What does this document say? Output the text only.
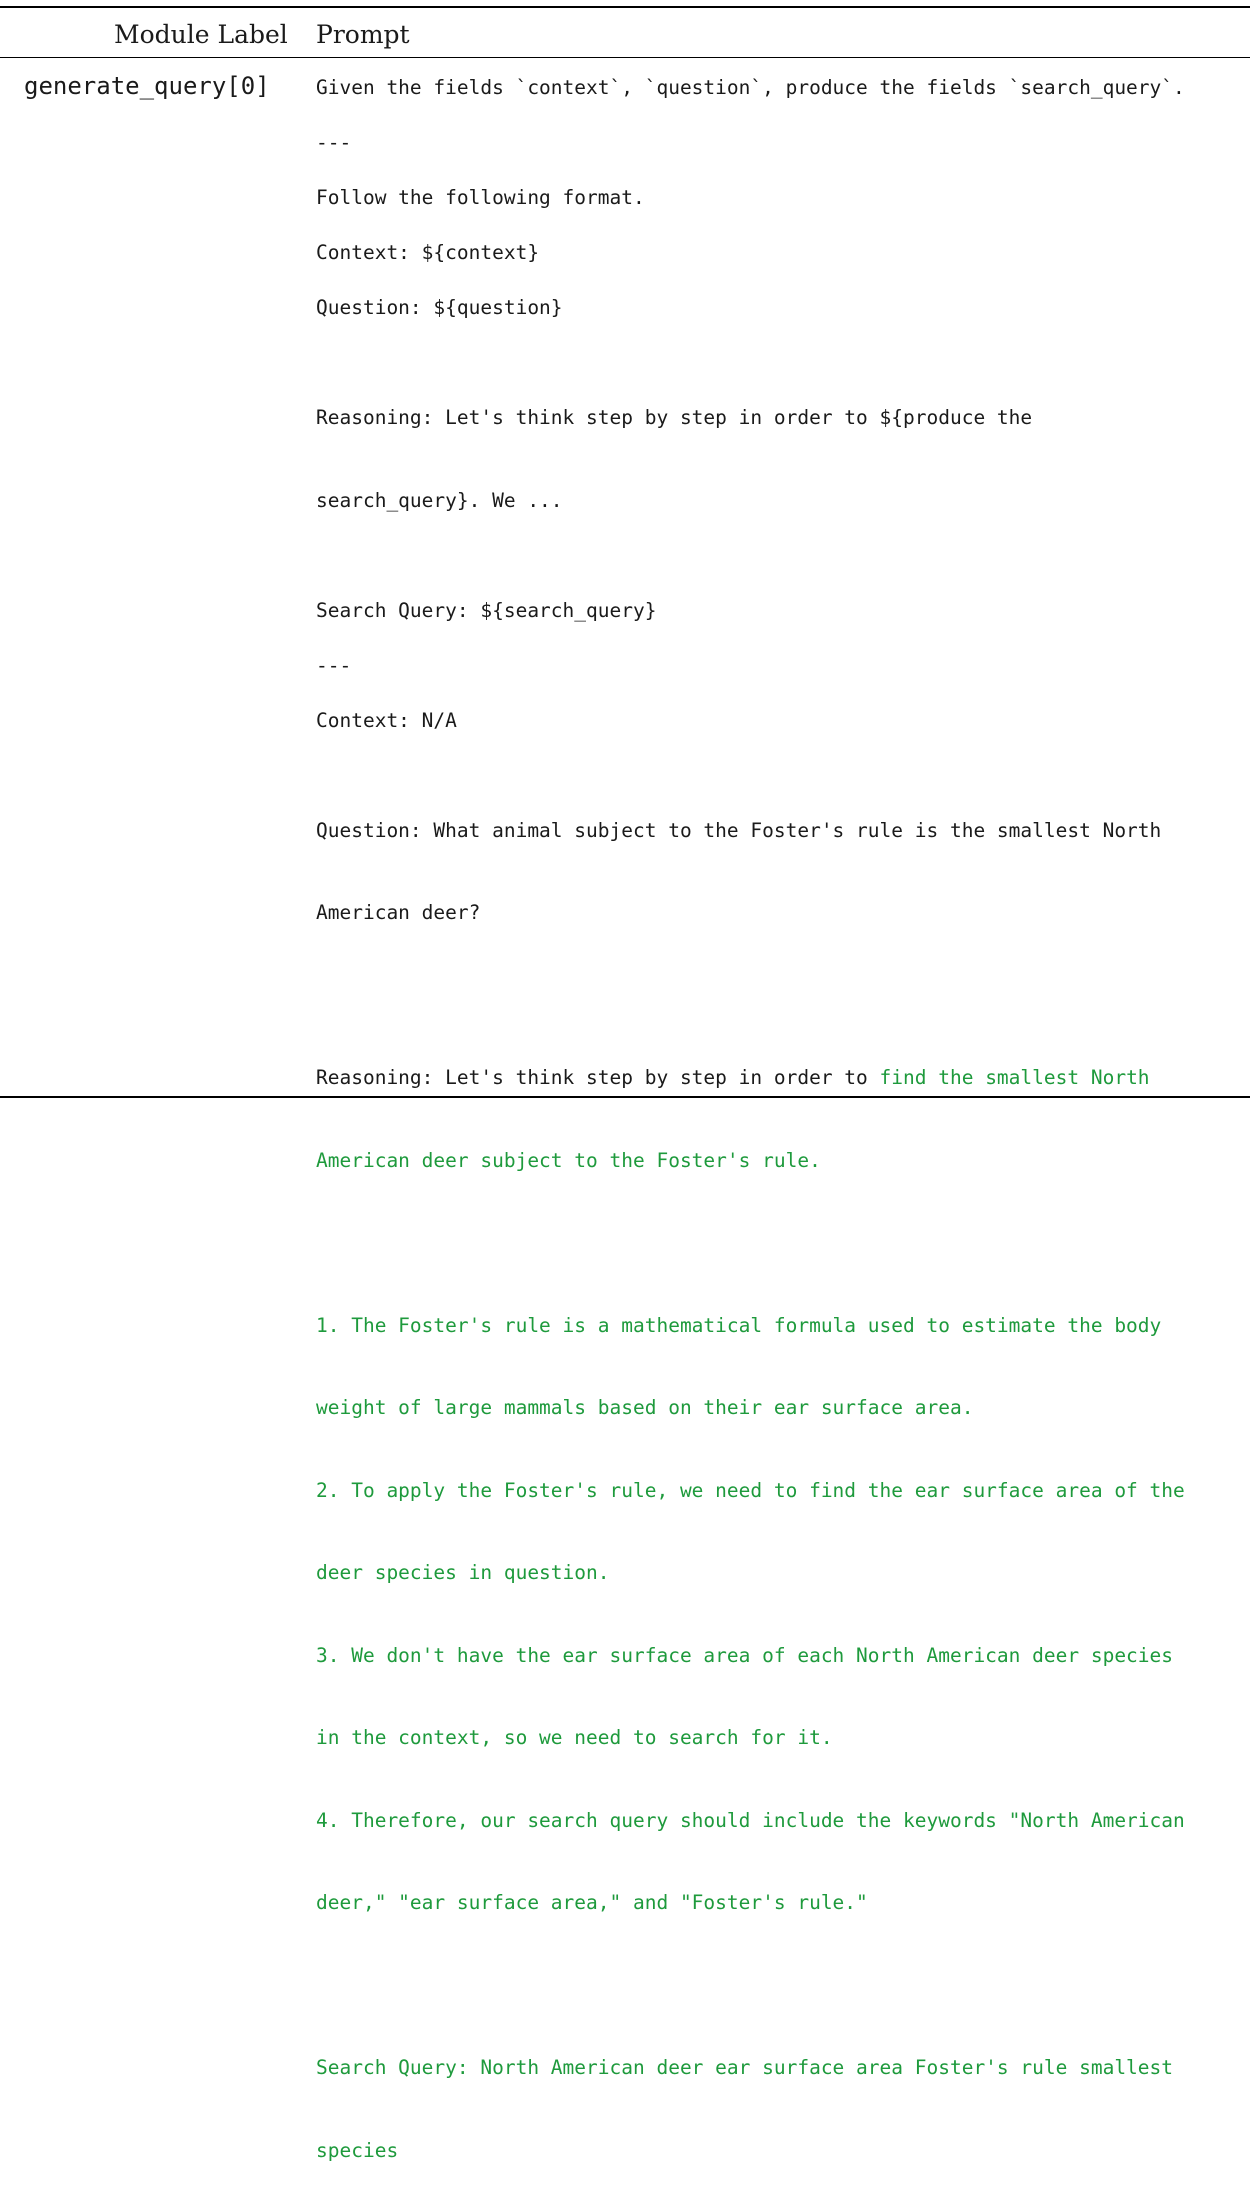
Module Label Prompt
generate_query[0] Given the fields `context`, `question`, produce the fields `search_query`.

---

Follow the following format.

Context: ${context}

Question: ${question}

Reasoning: Let's think step by step in order to ${produce the

search_query}. We ...

Search Query: ${search_query}

---

Context: N/A

Question: What animal subject to the Foster's rule is the smallest North

American deer?

Reasoning: Let's think step by step in order to find the smallest North

American deer subject to the Foster's rule.

1. The Foster's rule is a mathematical formula used to estimate the body

weight of large mammals based on their ear surface area.

2. To apply the Foster's rule, we need to find the ear surface area of the

deer species in question.

3. We don't have the ear surface area of each North American deer species

in the context, so we need to search for it.

4. Therefore, our search query should include the keywords "North American

deer," "ear surface area," and "Foster's rule."

Search Query: North American deer ear surface area Foster's rule smallest

species
